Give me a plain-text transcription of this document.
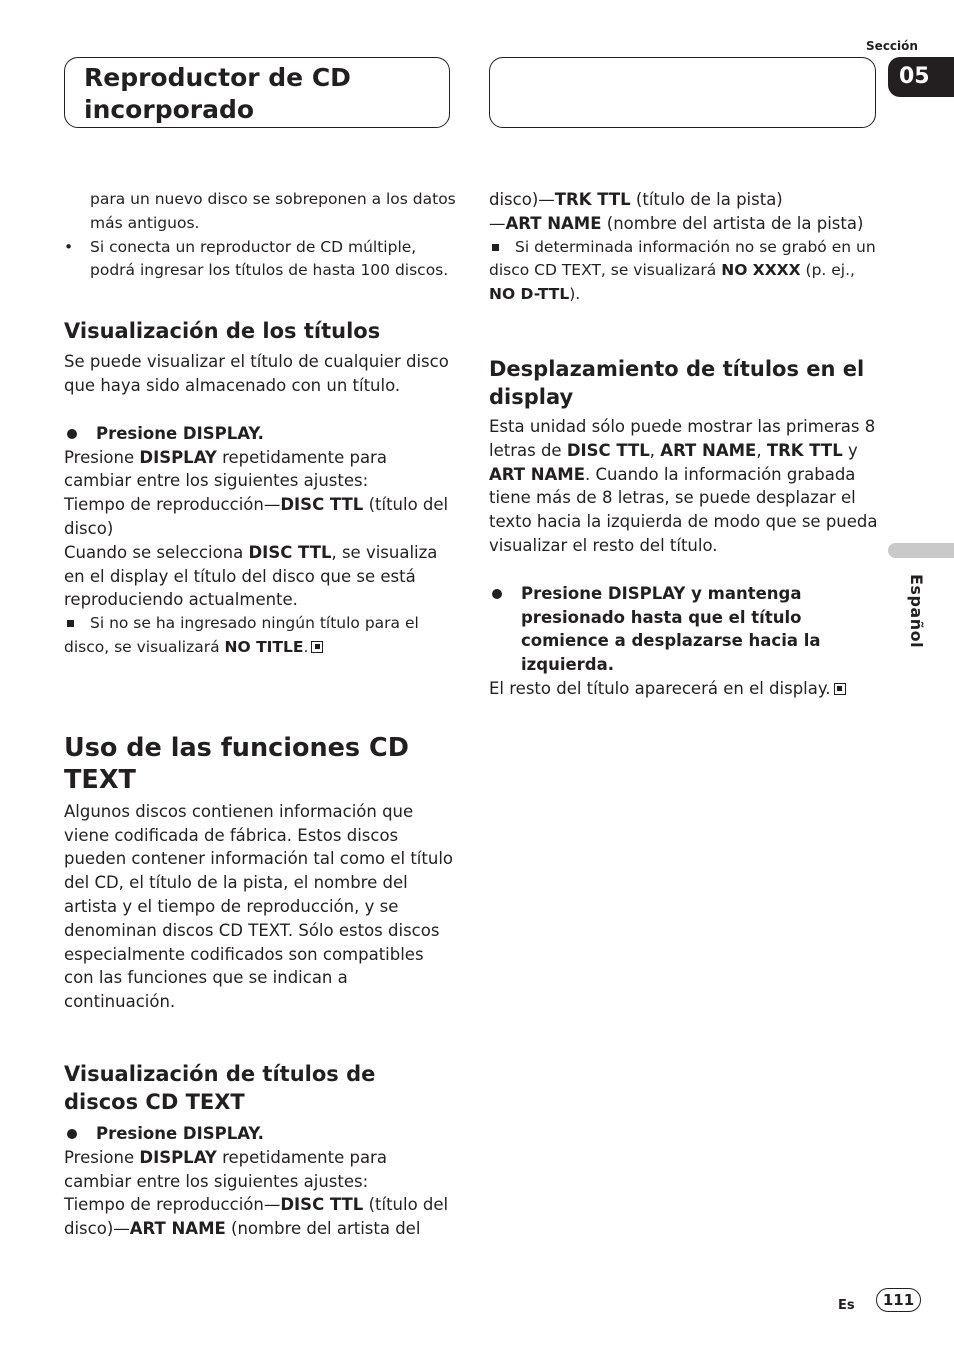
Reproductor de CD incorporado
Sección
05
Español

para un nuevo disco se sobreponen a los datos más antiguos.

• Si conecta un reproductor de CD múltiple, podrá ingresar los títulos de hasta 100 discos.

Visualización de los títulos

Se puede visualizar el título de cualquier disco que haya sido almacenado con un título.

Presione DISPLAY.

Presione DISPLAY repetidamente para cambiar entre los siguientes ajustes:

Tiempo de reproducción—DISC TTL (título del disco)

Cuando se selecciona DISC TTL, se visualiza en el display el título del disco que se está reproduciendo actualmente.

Si no se ha ingresado ningún título para el disco, se visualizará NO TITLE.

Uso de las funciones CD TEXT

Algunos discos contienen información que viene codificada de fábrica. Estos discos pueden contener información tal como el título del CD, el título de la pista, el nombre del artista y el tiempo de reproducción, y se denominan discos CD TEXT. Sólo estos discos especialmente codificados son compatibles con las funciones que se indican a continuación.

Visualización de títulos de discos CD TEXT

Presione DISPLAY.

Presione DISPLAY repetidamente para cambiar entre los siguientes ajustes:

Tiempo de reproducción—DISC TTL (título del disco)—ART NAME (nombre del artista del

disco)—TRK TTL (título de la pista)
—ART NAME (nombre del artista de la pista)

Si determinada información no se grabó en un disco CD TEXT, se visualizará NO XXXX (p. ej., NO D-TTL).

Desplazamiento de títulos en el display

Esta unidad sólo puede mostrar las primeras 8 letras de DISC TTL, ART NAME, TRK TTL y ART NAME. Cuando la información grabada tiene más de 8 letras, se puede desplazar el texto hacia la izquierda de modo que se pueda visualizar el resto del título.

Presione DISPLAY y mantenga presionado hasta que el título comience a desplazarse hacia la izquierda.

El resto del título aparecerá en el display.

Es	111
